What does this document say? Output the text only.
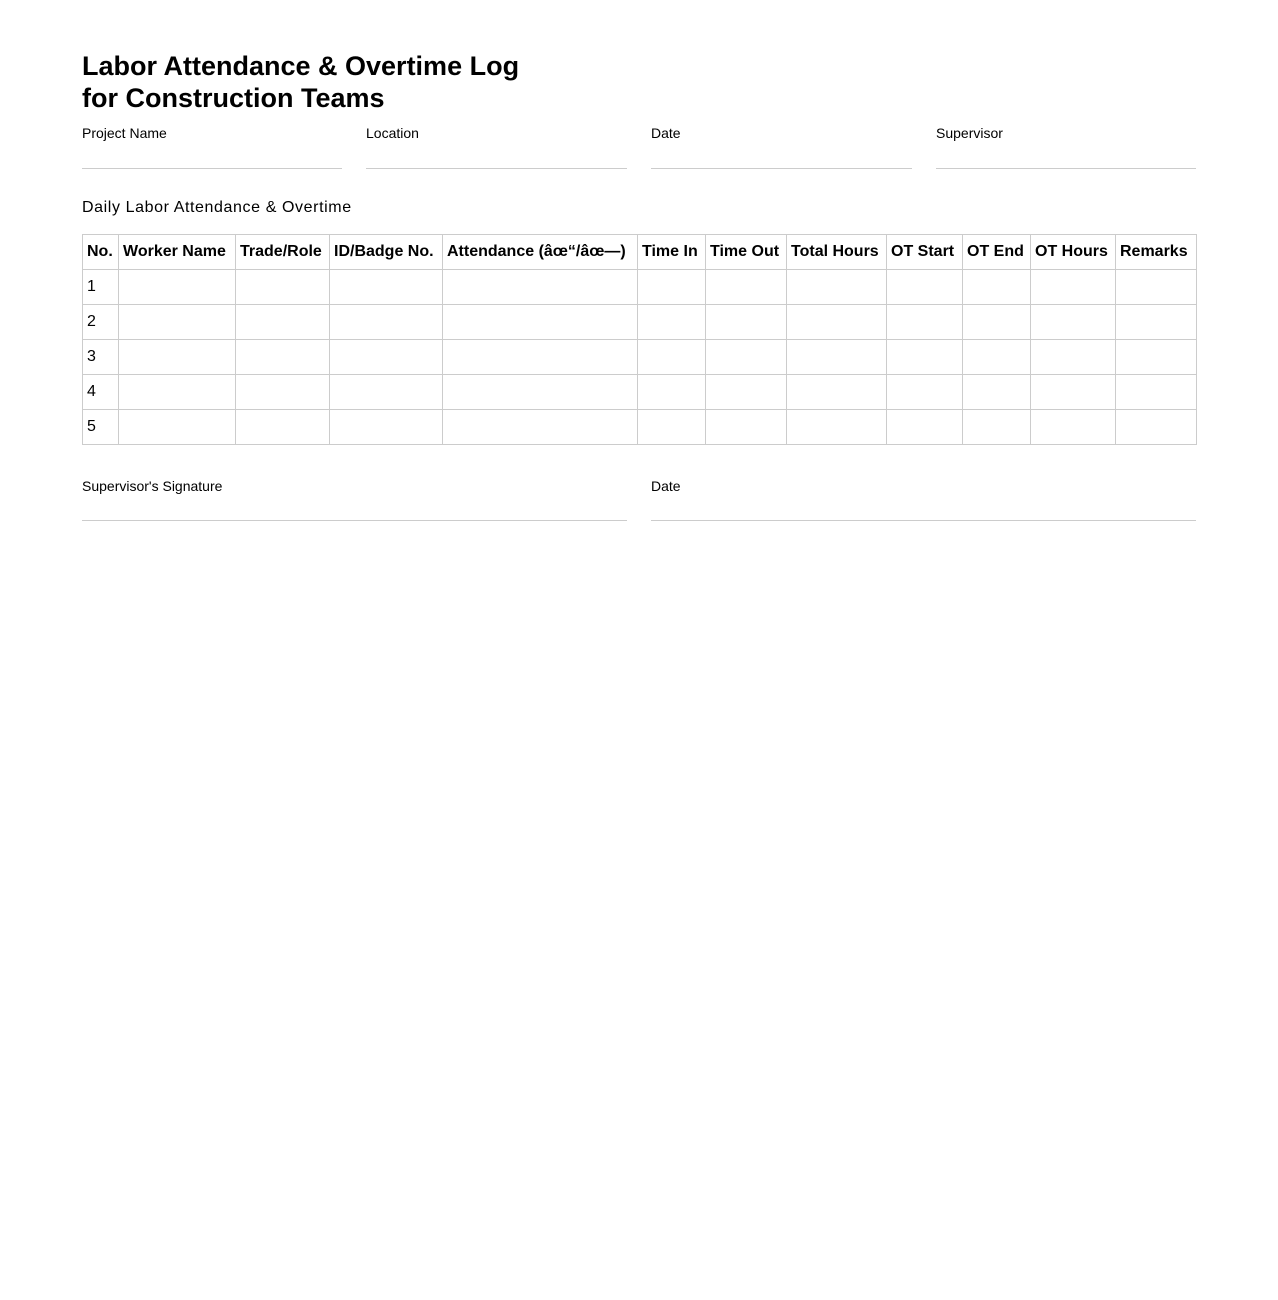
Labor Attendance & Overtime Log
for Construction Teams
Project Name	Location	Date	Supervisor
Daily Labor Attendance & Overtime
No.	Worker Name	Trade/Role	ID/Badge No.	Attendance (âœ“/âœ—)	Time In	Time Out	Total Hours	OT Start	OT End	OT Hours	Remarks
1											
2											
3											
4											
5											
Supervisor's Signature	Date
